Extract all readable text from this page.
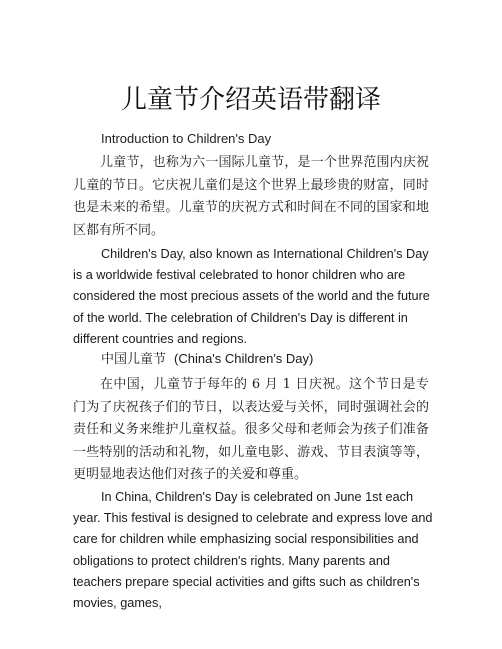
儿童节介绍英语带翻译
Introduction to Children's Day

儿童节，也称为六一国际儿童节，是一个世界范围内庆祝儿童的节日。它庆祝儿童们是这个世界上最珍贵的财富，同时也是未来的希望。儿童节的庆祝方式和时间在不同的国家和地区都有所不同。

Children's Day, also known as International Children's Day is a worldwide festival celebrated to honor children who are considered the most precious assets of the world and the future of the world. The celebration of Children's Day is different in different countries and regions.

中国儿童节 (China's Children's Day)

在中国，儿童节于每年的 6 月 1 日庆祝。这个节日是专门为了庆祝孩子们的节日，以表达爱与关怀，同时强调社会的责任和义务来维护儿童权益。很多父母和老师会为孩子们准备一些特别的活动和礼物，如儿童电影、游戏、节目表演等等，更明显地表达他们对孩子的关爱和尊重。

In China, Children's Day is celebrated on June 1st each year. This festival is designed to celebrate and express love and care for children while emphasizing social responsibilities and obligations to protect children's rights. Many parents and teachers prepare special activities and gifts such as children's movies, games,
